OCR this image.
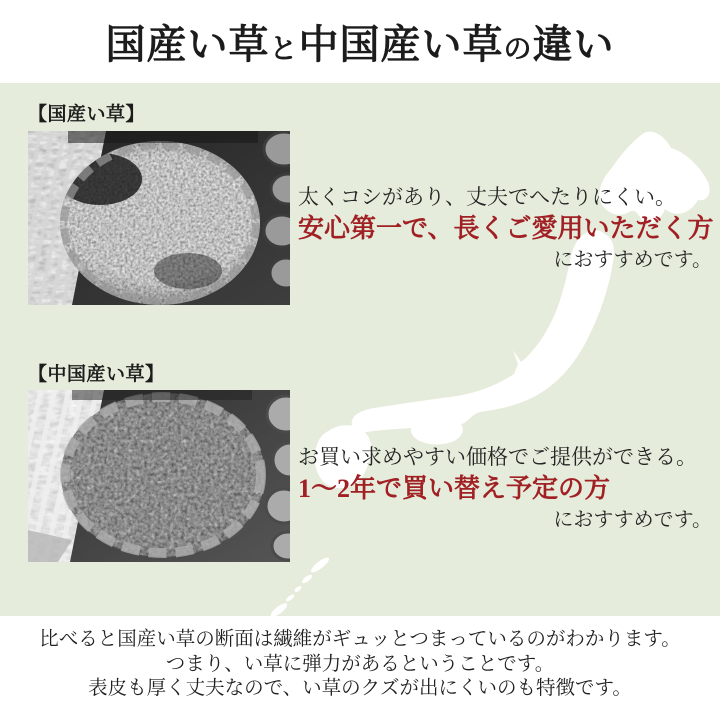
国産い草と中国産い草の違い
【国産い草】
太くコシがあり、丈夫でへたりにくい。
安心第一で、長くご愛用いただく方
におすすめです。
【中国産い草】
お買い求めやすい価格でご提供ができる。
1〜2年で買い替え予定の方
におすすめです。
比べると国産い草の断面は繊維がギュッとつまっているのがわかります。
つまり、い草に弾力があるということです。
表皮も厚く丈夫なので、い草のクズが出にくいのも特徴です。
